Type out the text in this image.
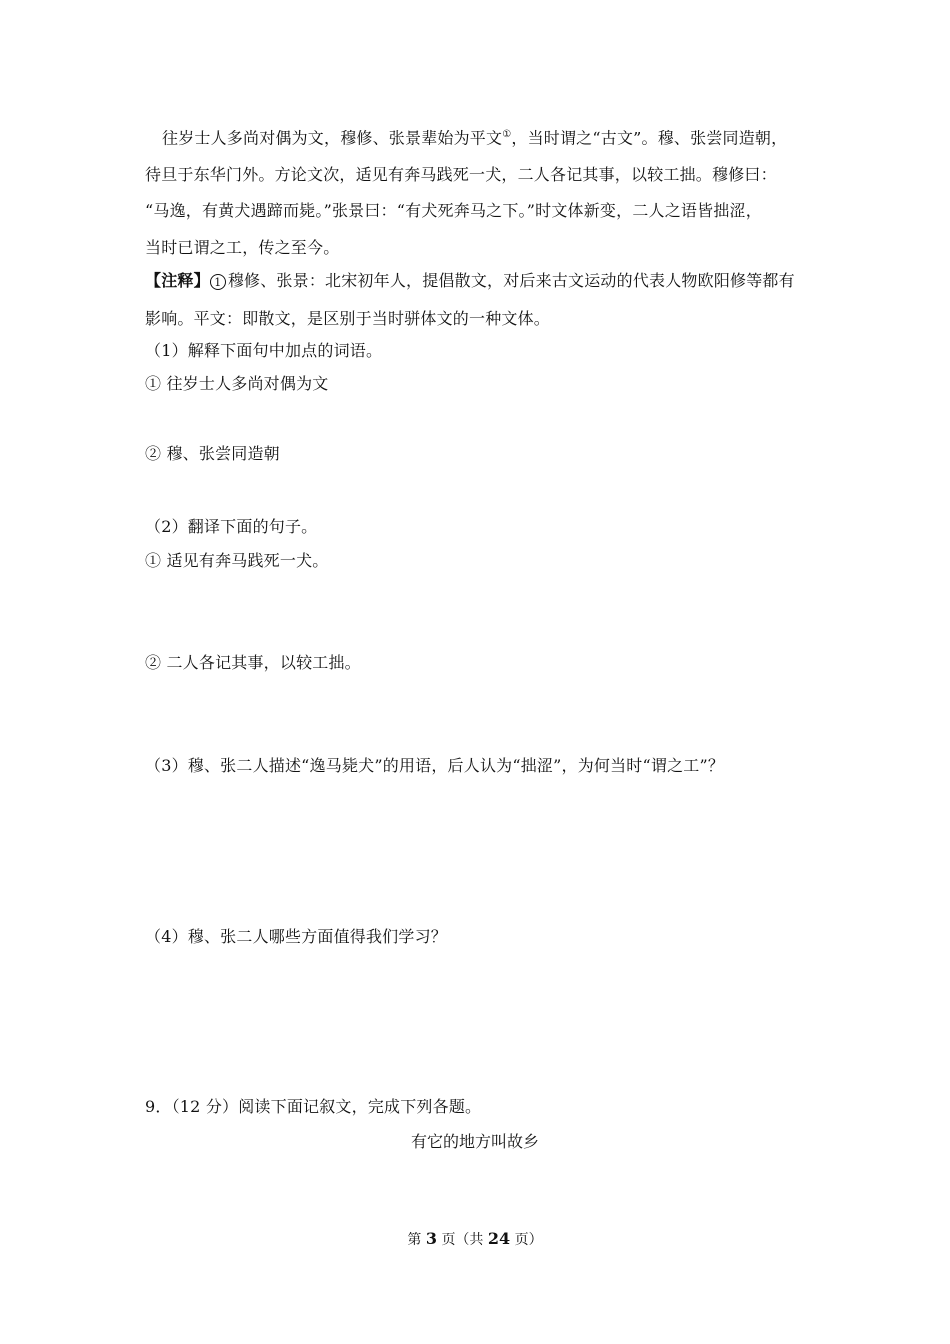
往岁士人多尚对偶为文，穆修、张景辈始为平文①，当时谓之“古文”。穆、张尝同造朝，
待旦于东华门外。方论文次，适见有奔马践死一犬，二人各记其事，以较工拙。穆修曰：
“马逸，有黄犬遇蹄而毙。”张景曰：“有犬死奔马之下。”时文体新变，二人之语皆拙涩，
当时已谓之工，传之至今。
【注释】 1 穆修、张景：北宋初年人，提倡散文，对后来古文运动的代表人物欧阳修等都有
影响。平文：即散文，是区别于当时骈体文的一种文体。
（1）解释下面句中加点的词语。
① 往岁士人多尚对偶为文
② 穆、张尝同造朝
（2）翻译下面的句子。
① 适见有奔马践死一犬。
② 二人各记其事，以较工拙。
（3）穆、张二人描述“逸马毙犬”的用语，后人认为“拙涩”，为何当时“谓之工”？
（4）穆、张二人哪些方面值得我们学习？
9．（12 分）阅读下面记叙文，完成下列各题。
有它的地方叫故乡
第 3 页（共 24 页）
